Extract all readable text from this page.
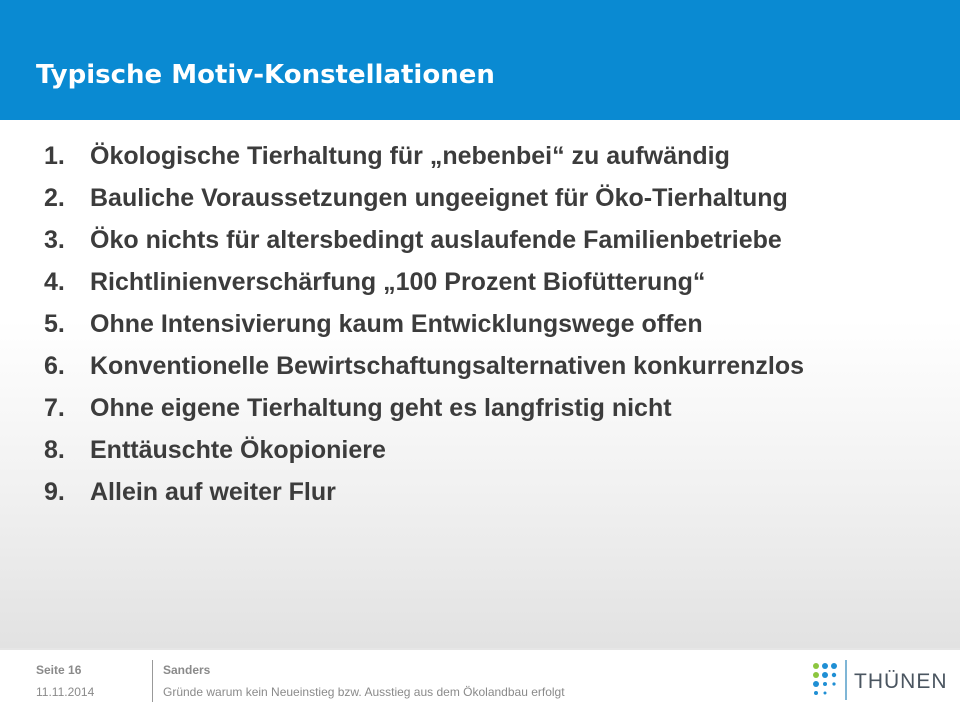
Typische Motiv-Konstellationen
1. Ökologische Tierhaltung für „nebenbei“ zu aufwändig
2. Bauliche Voraussetzungen ungeeignet für Öko-Tierhaltung
3. Öko nichts für altersbedingt auslaufende Familienbetriebe
4. Richtlinienverschärfung „100 Prozent Biofütterung“
5. Ohne Intensivierung kaum Entwicklungswege offen
6. Konventionelle Bewirtschaftungsalternativen konkurrenzlos
7. Ohne eigene Tierhaltung geht es langfristig nicht
8. Enttäuschte Ökopioniere
9. Allein auf weiter Flur
Seite 16
11.11.2014
Sanders
Gründe warum kein Neueinstieg bzw. Ausstieg aus dem Ökolandbau erfolgt	THÜNEN
